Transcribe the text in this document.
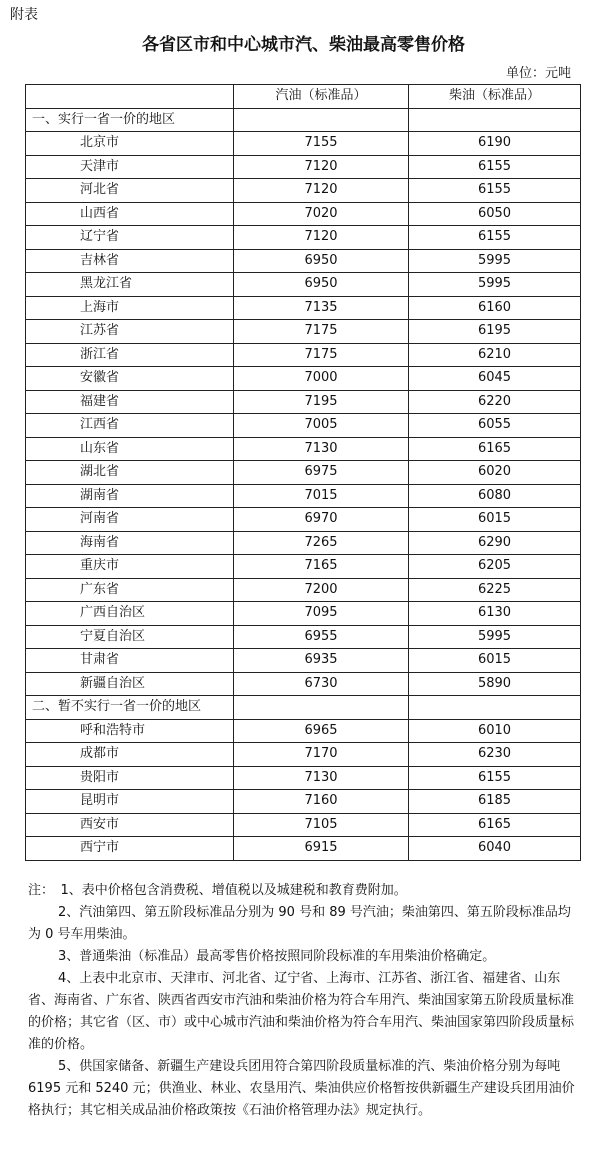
附表
各省区市和中心城市汽、柴油最高零售价格
单位：元吨
	汽油（标准品）	柴油（标准品）
一、实行一省一价的地区		
北京市	7155	6190
天津市	7120	6155
河北省	7120	6155
山西省	7020	6050
辽宁省	7120	6155
吉林省	6950	5995
黑龙江省	6950	5995
上海市	7135	6160
江苏省	7175	6195
浙江省	7175	6210
安徽省	7000	6045
福建省	7195	6220
江西省	7005	6055
山东省	7130	6165
湖北省	6975	6020
湖南省	7015	6080
河南省	6970	6015
海南省	7265	6290
重庆市	7165	6205
广东省	7200	6225
广西自治区	7095	6130
宁夏自治区	6955	5995
甘肃省	6935	6015
新疆自治区	6730	5890
二、暂不实行一省一价的地区		
呼和浩特市	6965	6010
成都市	7170	6230
贵阳市	7130	6155
昆明市	7160	6185
西安市	7105	6165
西宁市	6915	6040

注：　1、表中价格包含消费税、增值税以及城建税和教育费附加。

2、汽油第四、第五阶段标准品分别为 90 号和 89 号汽油；柴油第四、第五阶段标准品均为 0 号车用柴油。

3、普通柴油（标准品）最高零售价格按照同阶段标准的车用柴油价格确定。

4、上表中北京市、天津市、河北省、辽宁省、上海市、江苏省、浙江省、福建省、山东省、海南省、广东省、陕西省西安市汽油和柴油价格为符合车用汽、柴油国家第五阶段质量标准的价格；其它省（区、市）或中心城市汽油和柴油价格为符合车用汽、柴油国家第四阶段质量标准的价格。

5、供国家储备、新疆生产建设兵团用符合第四阶段质量标准的汽、柴油价格分别为每吨 6195 元和 5240 元；供渔业、林业、农垦用汽、柴油供应价格暂按供新疆生产建设兵团用油价格执行；其它相关成品油价格政策按《石油价格管理办法》规定执行。
